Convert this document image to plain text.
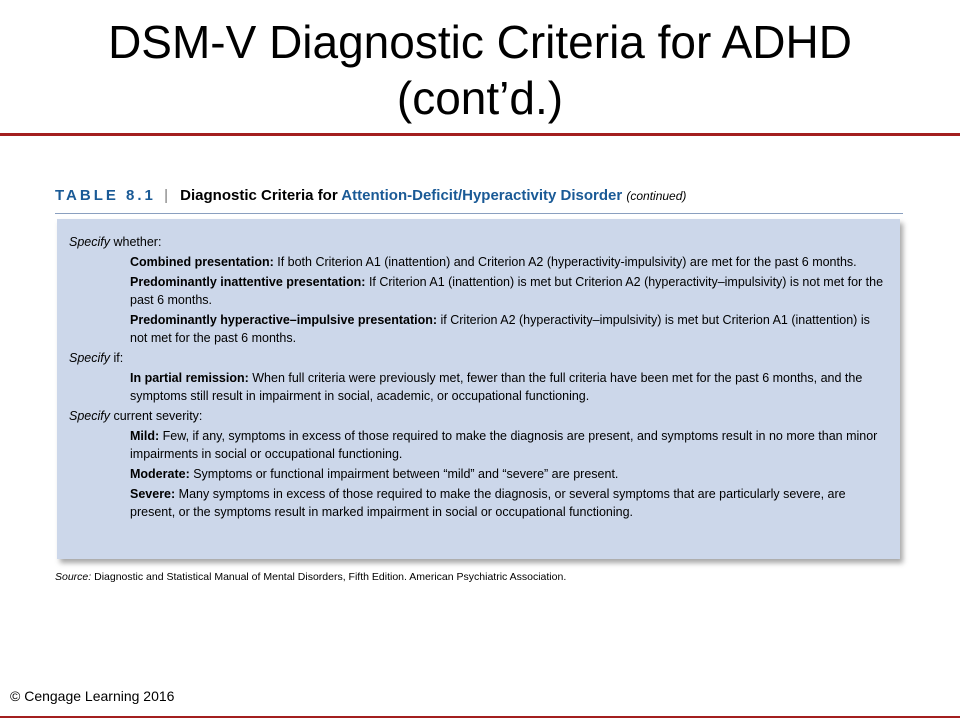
DSM-V Diagnostic Criteria for ADHD
(cont’d.)
TABLE 8.1 | Diagnostic Criteria for Attention-Deficit/Hyperactivity Disorder (continued)

Specify whether:

Combined presentation: If both Criterion A1 (inattention) and Criterion A2 (hyperactivity-impulsivity) are met for the past 6 months.

Predominantly inattentive presentation: If Criterion A1 (inattention) is met but Criterion A2 (hyperactivity–impulsivity) is not met for the past 6 months.

Predominantly hyperactive–impulsive presentation: if Criterion A2 (hyperactivity–impulsivity) is met but Criterion A1 (inattention) is not met for the past 6 months.

Specify if:

In partial remission: When full criteria were previously met, fewer than the full criteria have been met for the past 6 months, and the symptoms still result in impairment in social, academic, or occupational functioning.

Specify current severity:

Mild: Few, if any, symptoms in excess of those required to make the diagnosis are present, and symptoms result in no more than minor impairments in social or occupational functioning.

Moderate: Symptoms or functional impairment between “mild” and “severe” are present.

Severe: Many symptoms in excess of those required to make the diagnosis, or several symptoms that are particularly severe, are present, or the symptoms result in marked impairment in social or occupational functioning.

Source: Diagnostic and Statistical Manual of Mental Disorders, Fifth Edition. American Psychiatric Association.
© Cengage Learning 2016
